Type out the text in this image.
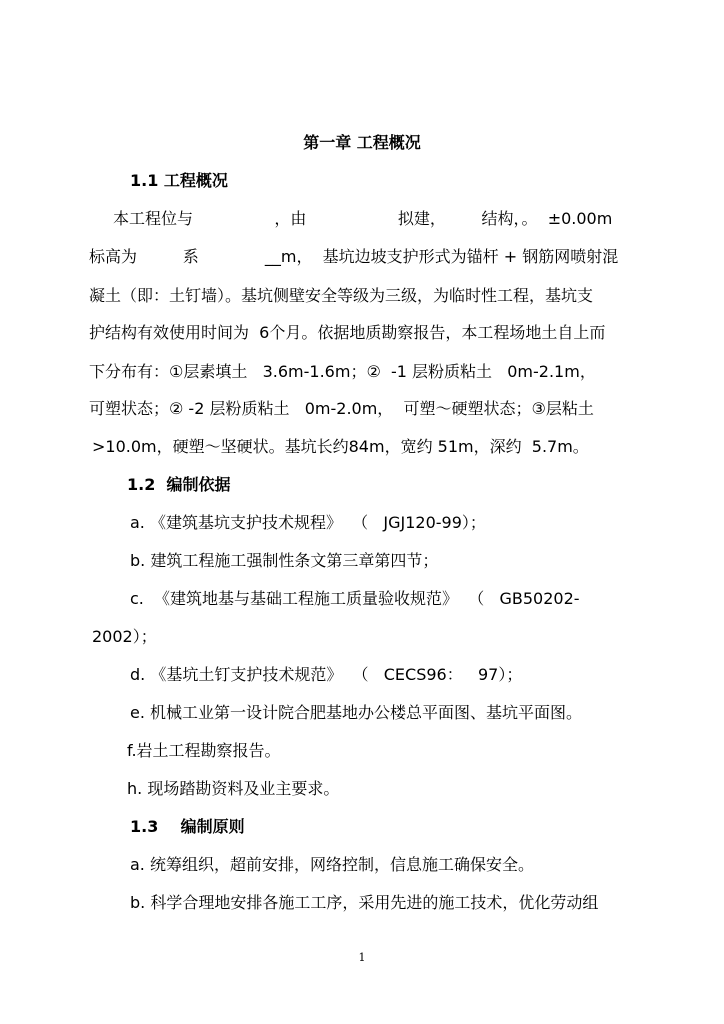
第一章 工程概况
1.1 工程概况
本工程位与                ，由                  拟建，       结构，。  ±0.00m
标高为         系             __m，  基坑边坡支护形式为锚杆 + 钢筋网喷射混
凝土（即：土钉墙）。基坑侧壁安全等级为三级，为临时性工程，基坑支
护结构有效使用时间为  6个月。依据地质勘察报告，本工程场地土自上而
下分布有：①层素填土   3.6m-1.6m；②  -1 层粉质粘土   0m-2.1m，
可塑状态；② -2 层粉质粘土   0m-2.0m，  可塑～硬塑状态；③层粘土
>10.0m，硬塑～坚硬状。基坑长约84m，宽约 51m，深约  5.7m。
1.2  编制依据
a. 《建筑基坑支护技术规程》  （   JGJ120-99）；
b. 建筑工程施工强制性条文第三章第四节；
c.  《建筑地基与基础工程施工质量验收规范》  （   GB50202-
2002）；
d. 《基坑土钉支护技术规范》  （   CECS96：   97）；
e. 机械工业第一设计院合肥基地办公楼总平面图、基坑平面图。
f.岩土工程勘察报告。
h. 现场踏勘资料及业主要求。
1.3    编制原则
a. 统筹组织，超前安排，网络控制，信息施工确保安全。
b. 科学合理地安排各施工工序，采用先进的施工技术，优化劳动组
1
